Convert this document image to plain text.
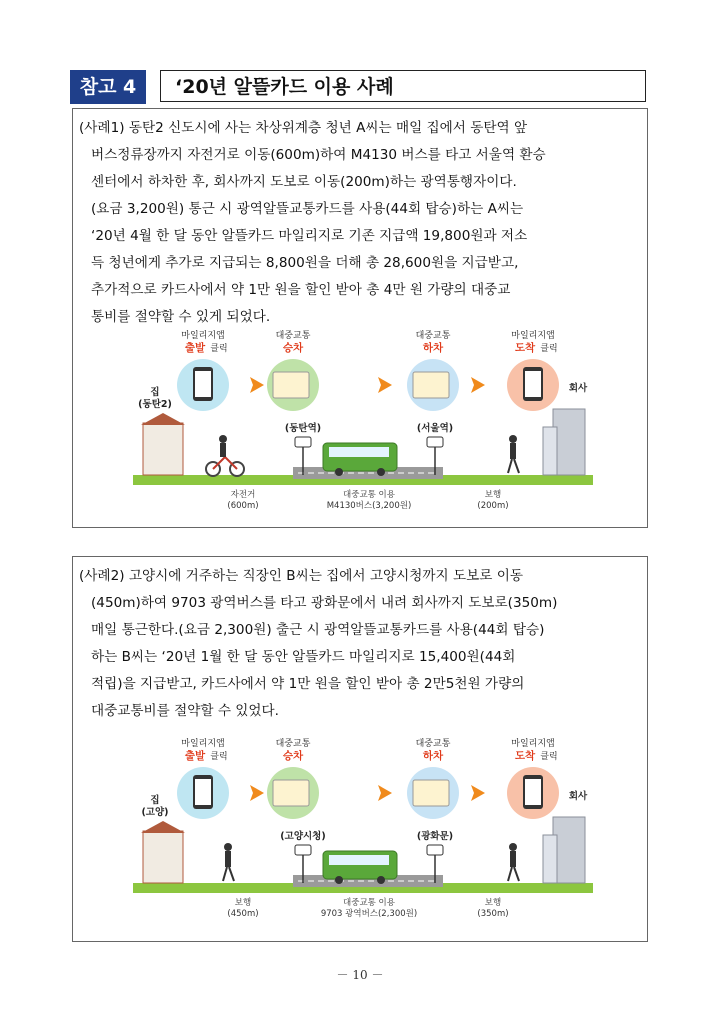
참고 4	‘20년 알뜰카드 이용 사례
(사례1) 동탄2 신도시에 사는 차상위계층 청년 A씨는 매일 집에서 동탄역 앞
버스정류장까지 자전거로 이동(600m)하여 M4130 버스를 타고 서울역 환승
센터에서 하차한 후, 회사까지 도보로 이동(200m)하는 광역통행자이다.
(요금 3,200원) 통근 시 광역알뜰교통카드를 사용(44회 탑승)하는 A씨는
‘20년 4월 한 달 동안 알뜰카드 마일리지로 기존 지급액 19,800원과 저소
득 청년에게 추가로 지급되는 8,800원을 더해 총 28,600원을 지급받고,
추가적으로 카드사에서 약 1만 원을 할인 받아 총 4만 원 가량의 대중교
통비를 절약할 수 있게 되었다.
마일리지앱
출발 클릭
대중교통
승차
대중교통
하차
마일리지앱
도착 클릭
집
(동탄2)
회사
(동탄역)	(서울역)
자전거
(600m)
대중교통 이용
M4130버스(3,200원)
보행
(200m)
(사례2) 고양시에 거주하는 직장인 B씨는 집에서 고양시청까지 도보로 이동
(450m)하여 9703 광역버스를 타고 광화문에서 내려 회사까지 도보로(350m)
매일 통근한다.(요금 2,300원) 출근 시 광역알뜰교통카드를 사용(44회 탑승)
하는 B씨는 ‘20년 1월 한 달 동안 알뜰카드 마일리지로 15,400원(44회
적립)을 지급받고, 카드사에서 약 1만 원을 할인 받아 총 2만5천원 가량의
대중교통비를 절약할 수 있었다.
마일리지앱
출발 클릭
대중교통
승차
대중교통
하차
마일리지앱
도착 클릭
집
(고양)
회사
(고양시청)	(광화문)
보행
(450m)
대중교통 이용
9703 광역버스(2,300원)
보행
(350m)
－ 10 －
